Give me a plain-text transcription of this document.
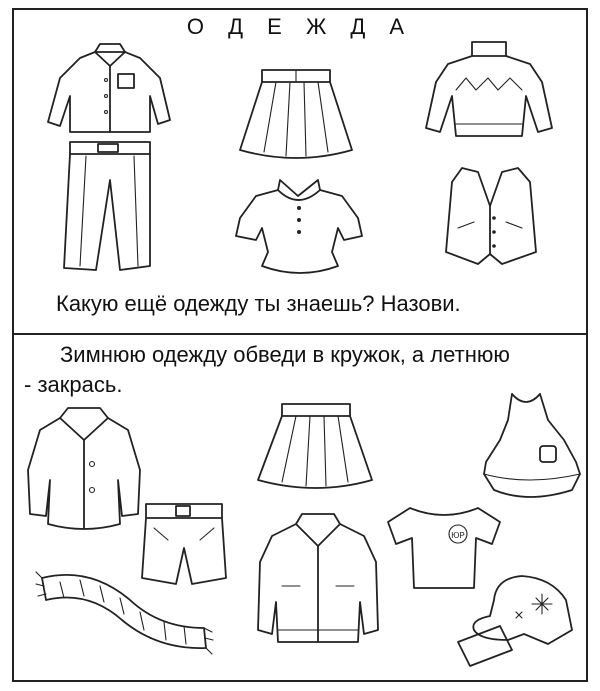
О Д Е Ж Д А
Какую ещё одежду ты знаешь? Назови.
Зимнюю одежду обведи в кружок, а летнюю
- закрась.
ЮР
